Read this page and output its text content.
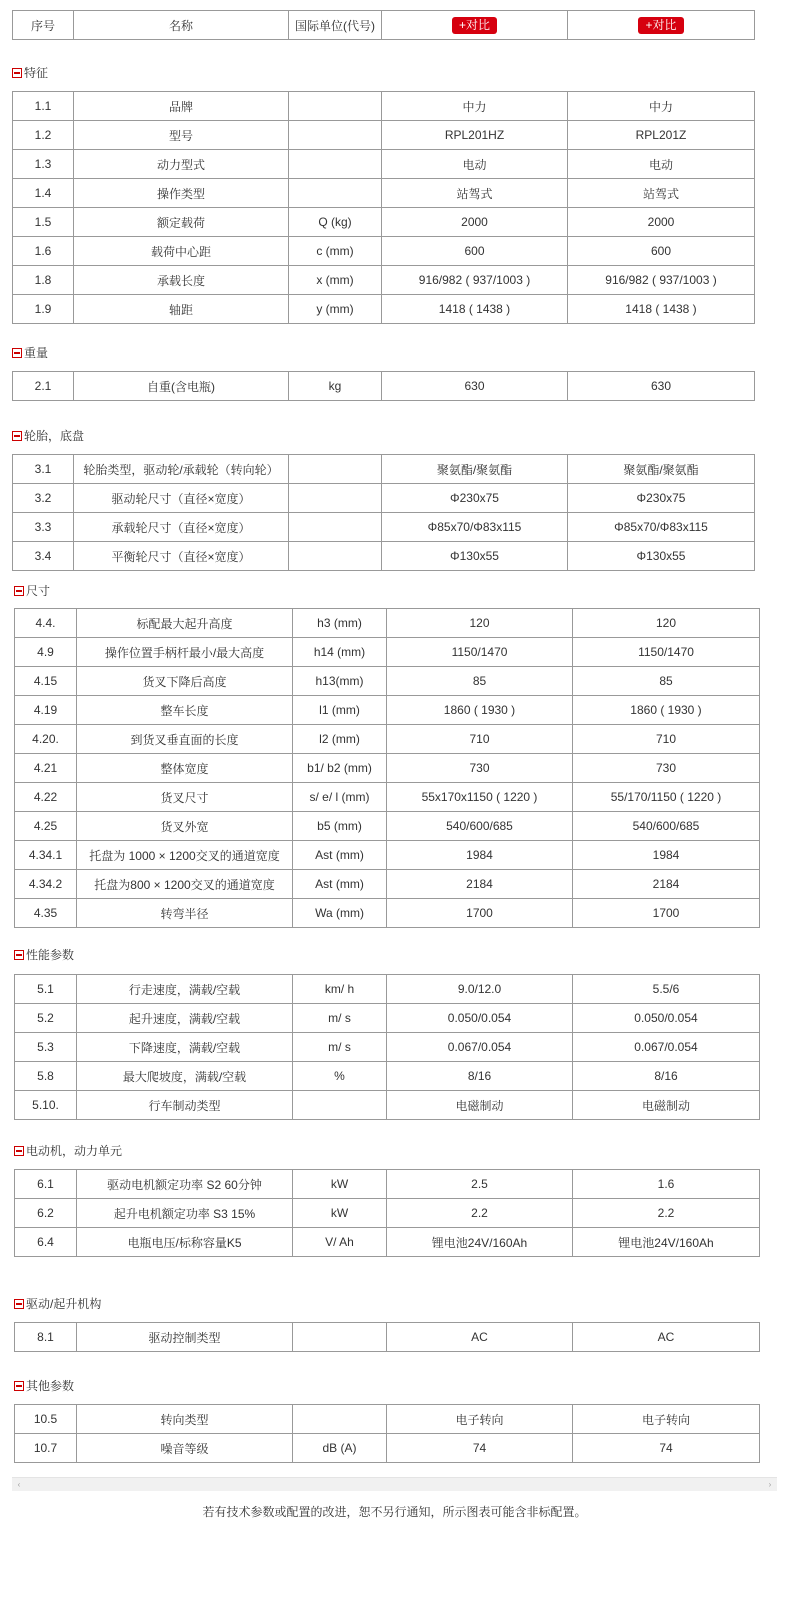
序号	名称	国际单位(代号)	+对比	+对比
特征
1.1	品牌		中力	中力
1.2	型号		RPL201HZ	RPL201Z
1.3	动力型式		电动	电动
1.4	操作类型		站驾式	站驾式
1.5	额定载荷	Q (kg)	2000	2000
1.6	载荷中心距	c (mm)	600	600
1.8	承载长度	x (mm)	916/982 ( 937/1003 )	916/982 ( 937/1003 )
1.9	轴距	y (mm)	1418 ( 1438 )	1418 ( 1438 )
重量
2.1	自重(含电瓶)	kg	630	630
轮胎，底盘
3.1	轮胎类型，驱动轮/承载轮（转向轮）		聚氨酯/聚氨酯	聚氨酯/聚氨酯
3.2	驱动轮尺寸（直径×宽度）		Φ230x75	Φ230x75
3.3	承载轮尺寸（直径×宽度）		Φ85x70/Φ83x115	Φ85x70/Φ83x115
3.4	平衡轮尺寸（直径×宽度）		Φ130x55	Φ130x55
尺寸
4.4.	标配最大起升高度	h3 (mm)	120	120
4.9	操作位置手柄杆最小/最大高度	h14 (mm)	1150/1470	1150/1470
4.15	货叉下降后高度	h13(mm)	85	85
4.19	整车长度	l1 (mm)	1860 ( 1930 )	1860 ( 1930 )
4.20.	到货叉垂直面的长度	l2 (mm)	710	710
4.21	整体宽度	b1/ b2 (mm)	730	730
4.22	货叉尺寸	s/ e/ l (mm)	55x170x1150 ( 1220 )	55/170/1150 ( 1220 )
4.25	货叉外宽	b5 (mm)	540/600/685	540/600/685
4.34.1	托盘为 1000 × 1200交叉的通道宽度	Ast (mm)	1984	1984
4.34.2	托盘为800 × 1200交叉的通道宽度	Ast (mm)	2184	2184
4.35	转弯半径	Wa (mm)	1700	1700
性能参数
5.1	行走速度，满载/空载	km/ h	9.0/12.0	5.5/6
5.2	起升速度，满载/空载	m/ s	0.050/0.054	0.050/0.054
5.3	下降速度，满载/空载	m/ s	0.067/0.054	0.067/0.054
5.8	最大爬坡度，满载/空载	%	8/16	8/16
5.10.	行车制动类型		电磁制动	电磁制动
电动机，动力单元
6.1	驱动电机额定功率 S2 60分钟	kW	2.5	1.6
6.2	起升电机额定功率 S3 15%	kW	2.2	2.2
6.4	电瓶电压/标称容量K5	V/ Ah	锂电池24V/160Ah	锂电池24V/160Ah
驱动/起升机构
8.1	驱动控制类型		AC	AC
其他参数
10.5	转向类型		电子转向	电子转向
10.7	噪音等级	dB (A)	74	74
‹	›
若有技术参数或配置的改进，恕不另行通知，所示图表可能含非标配置。
